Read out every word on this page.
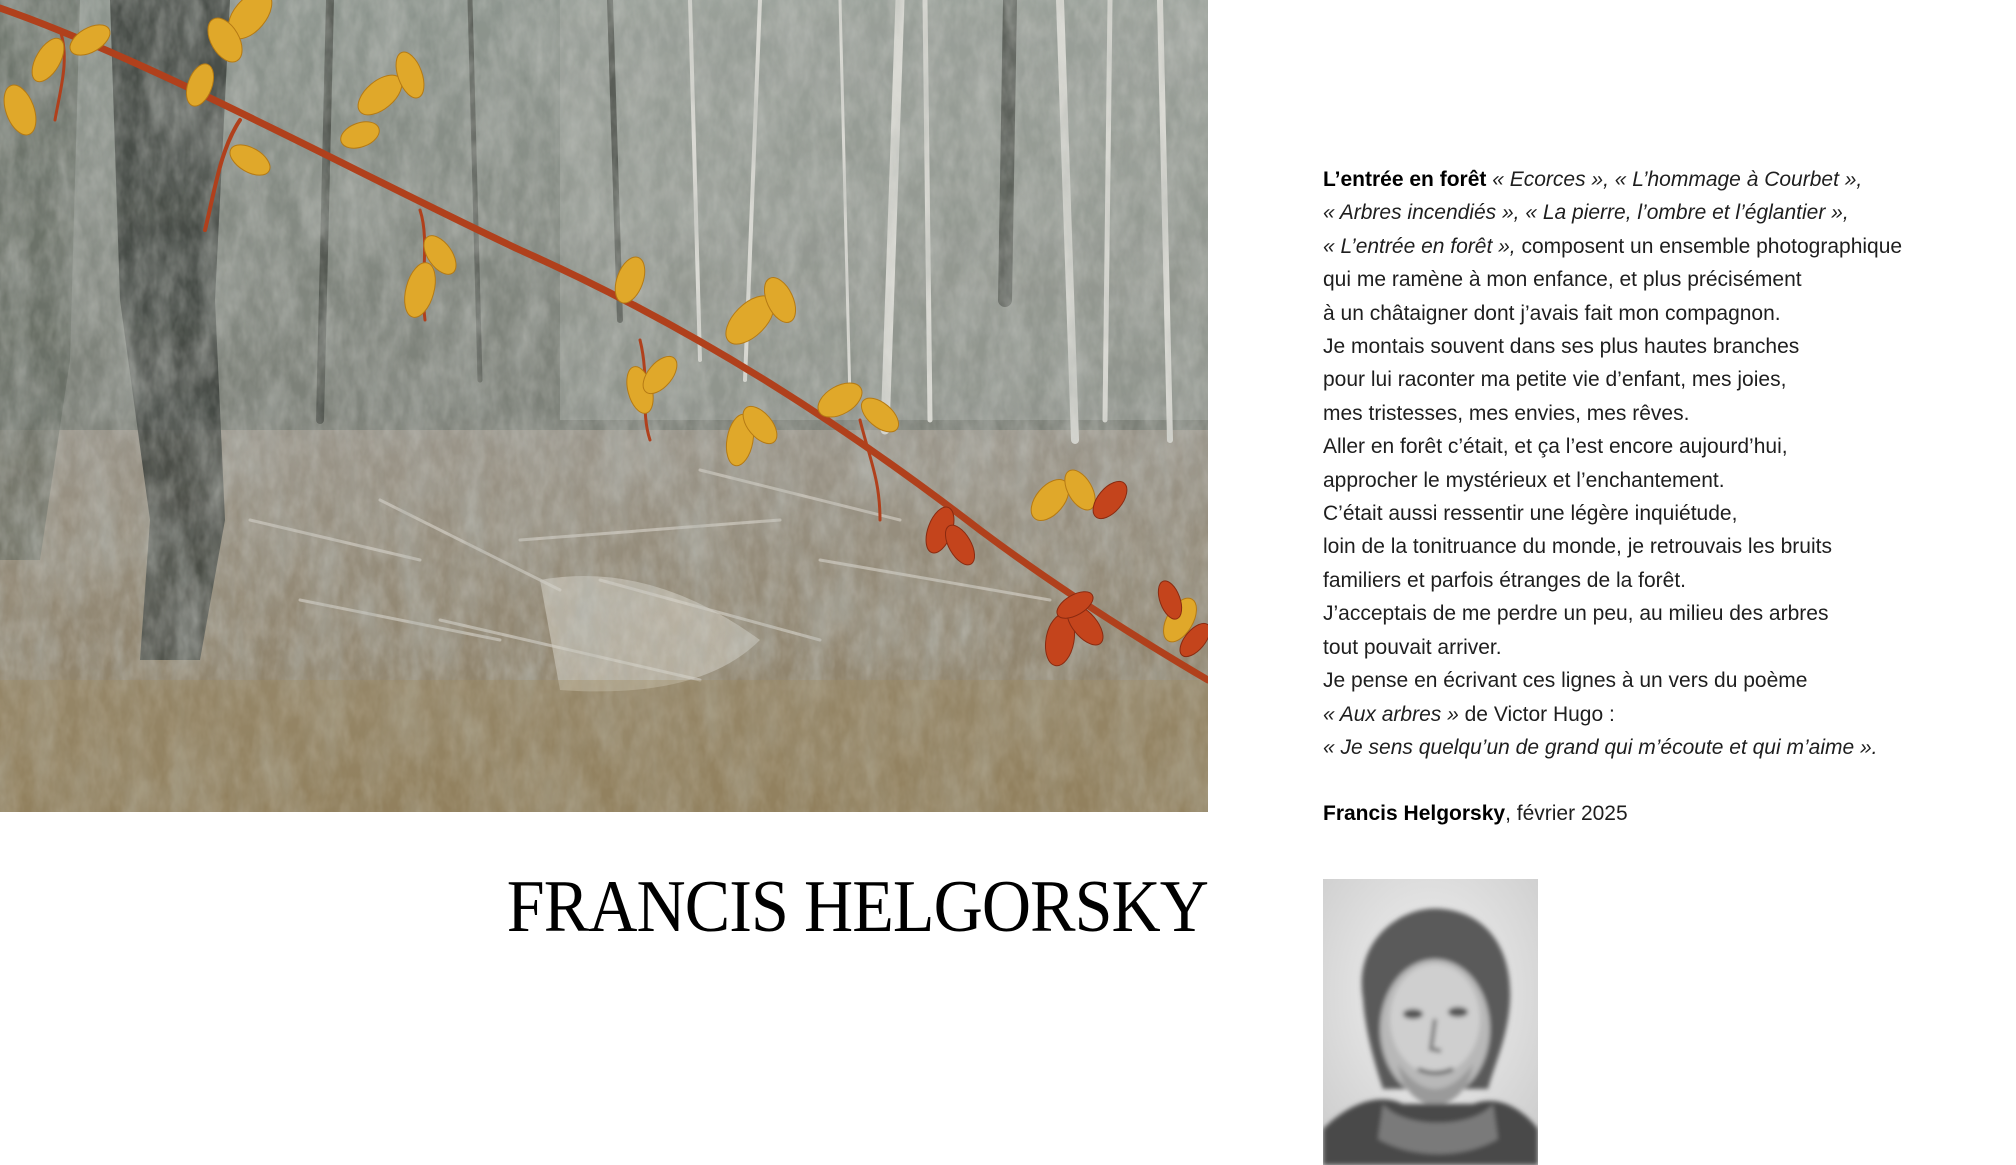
FRANCIS HELGORSKY

L’entrée en forêt « Ecorces », « L’hommage à Courbet »,

« Arbres incendiés », « La pierre, l’ombre et l’églantier »,

« L’entrée en forêt », composent un ensemble photographique

qui me ramène à mon enfance, et plus précisément

à un châtaigner dont j’avais fait mon compagnon.

Je montais souvent dans ses plus hautes branches

pour lui raconter ma petite vie d’enfant, mes joies,

mes tristesses, mes envies, mes rêves.

Aller en forêt c’était, et ça l’est encore aujourd’hui,

approcher le mystérieux et l’enchantement.

C’était aussi ressentir une légère inquiétude,

loin de la tonitruance du monde, je retrouvais les bruits

familiers et parfois étranges de la forêt.

J’acceptais de me perdre un peu, au milieu des arbres

tout pouvait arriver.

Je pense en écrivant ces lignes à un vers du poème

« Aux arbres » de Victor Hugo :

« Je sens quelqu’un de grand qui m’écoute et qui m’aime ».

Francis Helgorsky, février 2025
